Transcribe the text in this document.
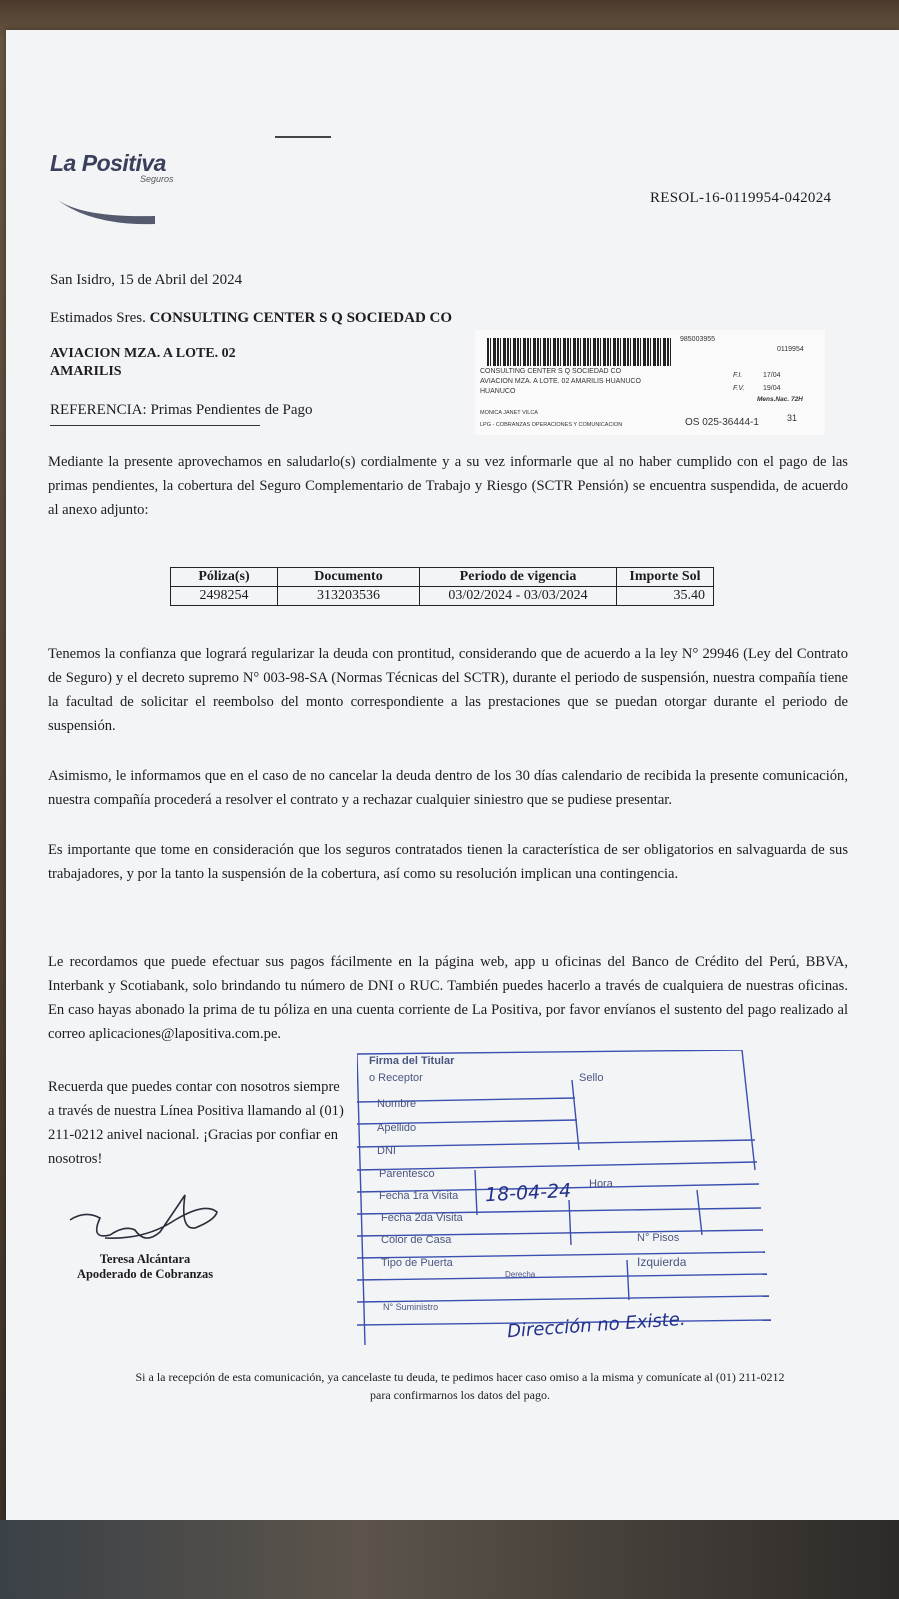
La Positiva
Seguros
RESOL-16-0119954-042024
San Isidro, 15 de Abril del 2024
Estimados Sres. CONSULTING CENTER S Q SOCIEDAD CO
AVIACION MZA. A LOTE. 02
AMARILIS
REFERENCIA: Primas Pendientes de Pago
985003955
0119954
CONSULTING CENTER S Q SOCIEDAD CO
AVIACION MZA. A LOTE. 02 AMARILIS HUANUCO
HUANUCO
MONICA JANET VILCA
LPG - COBRANZAS OPERACIONES Y COMUNICACION
F.I.	17/04
F.V.	19/04
Mens.Nac. 72H
OS 025-36444-1	31
Mediante la presente aprovechamos en saludarlo(s) cordialmente y a su vez informarle que al no haber cumplido con el pago de las primas pendientes, la cobertura del Seguro Complementario de Trabajo y Riesgo (SCTR Pensión) se encuentra suspendida, de acuerdo al anexo adjunto:
Póliza(s)	Documento	Periodo de vigencia	Importe Sol
2498254	313203536	03/02/2024 - 03/03/2024	35.40
Tenemos la confianza que logrará regularizar la deuda con prontitud, considerando que de acuerdo a la ley N° 29946 (Ley del Contrato de Seguro) y el decreto supremo N° 003-98-SA (Normas Técnicas del SCTR), durante el periodo de suspensión, nuestra compañía tiene la facultad de solicitar el reembolso del monto correspondiente a las prestaciones que se puedan otorgar durante el periodo de suspensión.
Asimismo, le informamos que en el caso de no cancelar la deuda dentro de los 30 días calendario de recibida la presente comunicación, nuestra compañía procederá a resolver el contrato y a rechazar cualquier siniestro que se pudiese presentar.
Es importante que tome en consideración que los seguros contratados tienen la característica de ser obligatorios en salvaguarda de sus trabajadores, y por la tanto la suspensión de la cobertura, así como su resolución implican una contingencia.
Le recordamos que puede efectuar sus pagos fácilmente en la página web, app u oficinas del Banco de Crédito del Perú, BBVA, Interbank y Scotiabank, solo brindando tu número de DNI o RUC. También puedes hacerlo a través de cualquiera de nuestras oficinas. En caso hayas abonado la prima de tu póliza en una cuenta corriente de La Positiva, por favor envíanos el sustento del pago realizado al correo aplicaciones@lapositiva.com.pe.
Recuerda que puedes contar con nosotros siempre a través de nuestra Línea Positiva llamando al (01) 211-0212 anivel nacional. ¡Gracias por confiar en nosotros!
Firma del Titular
o Receptor
Nombre
Apellido
DNI
Parentesco
Fecha 1ra Visita
Hora
Fecha 2da Visita
Color de Casa	N° Pisos
Tipo de Puerta	Izquierda
Derecha
N° Suministro
Sello
18-04-24
Dirección no Existe.
Teresa Alcántara
Apoderado de Cobranzas
Si a la recepción de esta comunicación, ya cancelaste tu deuda, te pedimos hacer caso omiso a la misma y comunícate al (01) 211-0212 para confirmarnos los datos del pago.
